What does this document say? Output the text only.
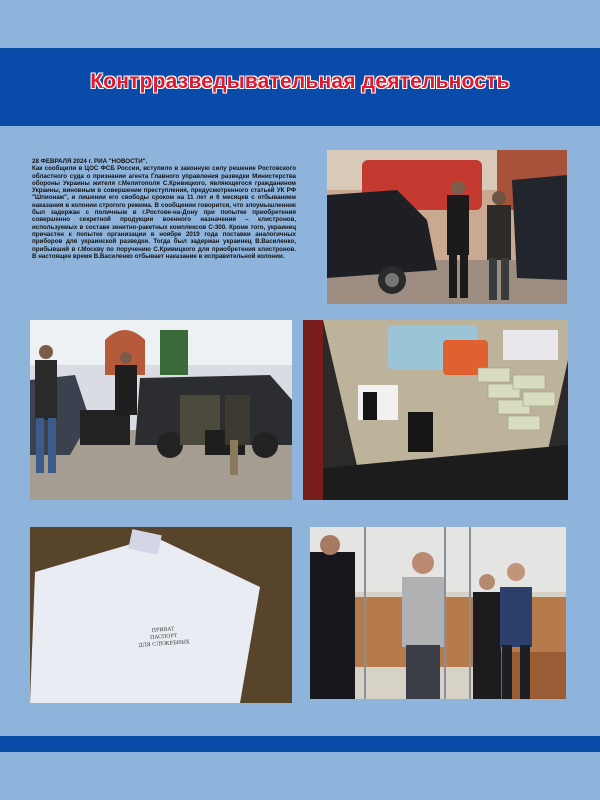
Контрразведывательная деятельность
28 ФЕВРАЛЯ 2024 г. РИА "НОВОСТИ".
Как сообщили в ЦОС ФСБ России, вступило в законную силу решение Ростовского областного суда о признании агента Главного управления разведки Министерства обороны Украины жителя г.Мелитополя С.Кривицкого, являющегося гражданином Украины, виновным в совершении преступления, предусмотренного статьей УК РФ "Шпионаж", и лишении его свободы сроком на 11 лет и 6 месяцев с отбыванием наказания в колонии строгого режима. В сообщении говорится, что злоумышленник был задержан с поличным в г.Ростове-на-Дону при попытке приобретения совершенно секретной продукции военного назначения – клистронов, используемых в составе зенитно-ракетных комплексов С-300. Кроме того, украинец причастен к попытке организации в ноябре 2019 года поставки аналогичных приборов для украинской разведки. Тогда был задержан украинец В.Василенко, прибывший в г.Москву по поручению С.Кривицкого для приобретения клистронов. В настоящее время В.Василенко отбывает наказание в исправительной колонии.
ПРИВАТ
ПАСПОРТ
ДЛЯ СЛУЖЕБНЫХ
